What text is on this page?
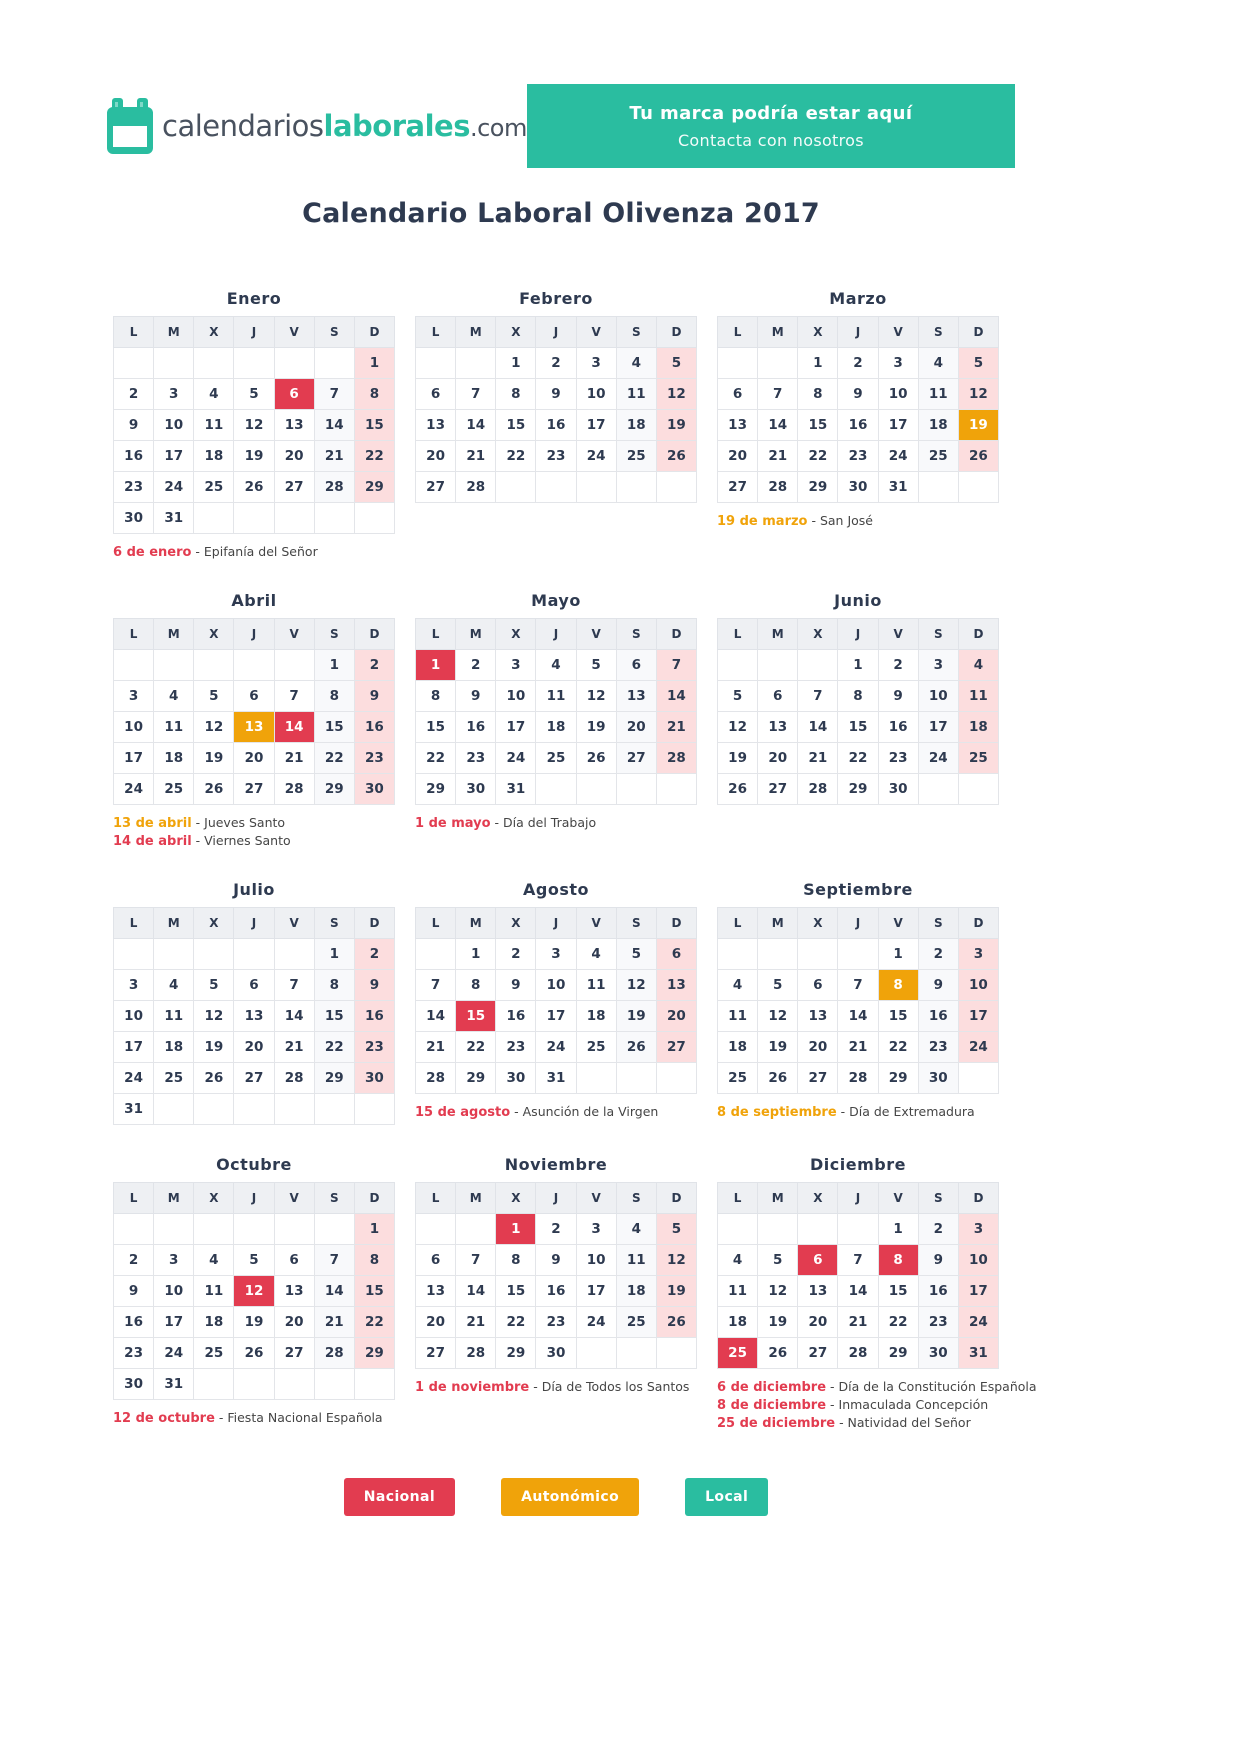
calendarioslaborales.com
Tu marca podría estar aquí
Contacta con nosotros
Calendario Laboral Olivenza 2017
Enero
L	M	X	J	V	S	D
						1
2	3	4	5	6	7	8
9	10	11	12	13	14	15
16	17	18	19	20	21	22
23	24	25	26	27	28	29
30	31					
6 de enero - Epifanía del Señor
Febrero
L	M	X	J	V	S	D
		1	2	3	4	5
6	7	8	9	10	11	12
13	14	15	16	17	18	19
20	21	22	23	24	25	26
27	28					
Marzo
L	M	X	J	V	S	D
		1	2	3	4	5
6	7	8	9	10	11	12
13	14	15	16	17	18	19
20	21	22	23	24	25	26
27	28	29	30	31		
19 de marzo - San José
Abril
L	M	X	J	V	S	D
					1	2
3	4	5	6	7	8	9
10	11	12	13	14	15	16
17	18	19	20	21	22	23
24	25	26	27	28	29	30
13 de abril - Jueves Santo
14 de abril - Viernes Santo
Mayo
L	M	X	J	V	S	D
1	2	3	4	5	6	7
8	9	10	11	12	13	14
15	16	17	18	19	20	21
22	23	24	25	26	27	28
29	30	31				
1 de mayo - Día del Trabajo
Junio
L	M	X	J	V	S	D
			1	2	3	4
5	6	7	8	9	10	11
12	13	14	15	16	17	18
19	20	21	22	23	24	25
26	27	28	29	30		
Julio
L	M	X	J	V	S	D
					1	2
3	4	5	6	7	8	9
10	11	12	13	14	15	16
17	18	19	20	21	22	23
24	25	26	27	28	29	30
31						
Agosto
L	M	X	J	V	S	D
	1	2	3	4	5	6
7	8	9	10	11	12	13
14	15	16	17	18	19	20
21	22	23	24	25	26	27
28	29	30	31			
15 de agosto - Asunción de la Virgen
Septiembre
L	M	X	J	V	S	D
				1	2	3
4	5	6	7	8	9	10
11	12	13	14	15	16	17
18	19	20	21	22	23	24
25	26	27	28	29	30	
8 de septiembre - Día de Extremadura
Octubre
L	M	X	J	V	S	D
						1
2	3	4	5	6	7	8
9	10	11	12	13	14	15
16	17	18	19	20	21	22
23	24	25	26	27	28	29
30	31					
12 de octubre - Fiesta Nacional Española
Noviembre
L	M	X	J	V	S	D
		1	2	3	4	5
6	7	8	9	10	11	12
13	14	15	16	17	18	19
20	21	22	23	24	25	26
27	28	29	30			
1 de noviembre - Día de Todos los Santos
Diciembre
L	M	X	J	V	S	D
				1	2	3
4	5	6	7	8	9	10
11	12	13	14	15	16	17
18	19	20	21	22	23	24
25	26	27	28	29	30	31
6 de diciembre - Día de la Constitución Española
8 de diciembre - Inmaculada Concepción
25 de diciembre - Natividad del Señor
Nacional	Autonómico	Local
